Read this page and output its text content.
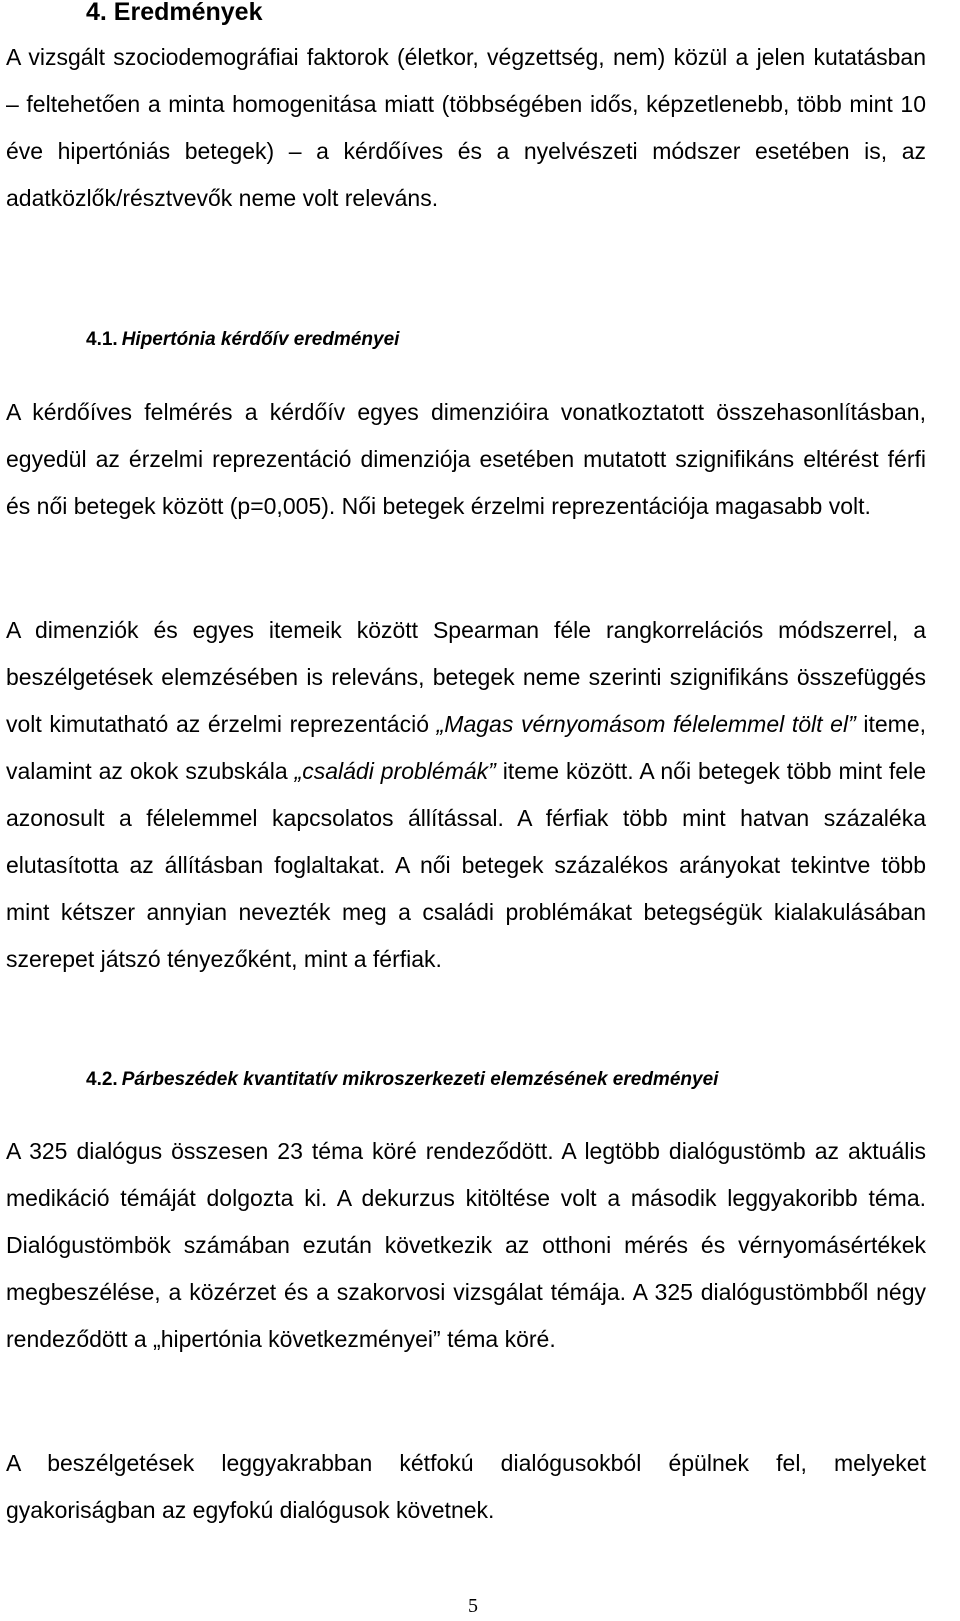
4. Eredmények

A vizsgált szociodemográfiai faktorok (életkor, végzettség, nem) közül a jelen kutatásban – feltehetően a minta homogenitása miatt (többségében idős, képzetlenebb, több mint 10 éve hipertóniás betegek) – a kérdőíves és a nyelvészeti módszer esetében is, az adatközlők/résztvevők neme volt releváns.

4.1. Hipertónia kérdőív eredményei

A kérdőíves felmérés a kérdőív egyes dimenzióira vonatkoztatott összehasonlításban, egyedül az érzelmi reprezentáció dimenziója esetében mutatott szignifikáns eltérést férfi és női betegek között (p=0,005). Női betegek érzelmi reprezentációja magasabb volt.

A dimenziók és egyes itemeik között Spearman féle rangkorrelációs módszerrel, a beszélgetések elemzésében is releváns, betegek neme szerinti szignifikáns összefüggés volt kimutatható az érzelmi reprezentáció „Magas vérnyomásom félelemmel tölt el” iteme, valamint az okok szubskála „családi problémák” iteme között. A női betegek több mint fele azonosult a félelemmel kapcsolatos állítással. A férfiak több mint hatvan százaléka elutasította az állításban foglaltakat. A női betegek százalékos arányokat tekintve több mint kétszer annyian nevezték meg a családi problémákat betegségük kialakulásában szerepet játszó tényezőként, mint a férfiak.

4.2. Párbeszédek kvantitatív mikroszerkezeti elemzésének eredményei

A 325 dialógus összesen 23 téma köré rendeződött. A legtöbb dialógustömb az aktuális medikáció témáját dolgozta ki. A dekurzus kitöltése volt a második leggyakoribb téma. Dialógustömbök számában ezután következik az otthoni mérés és vérnyomásértékek megbeszélése, a közérzet és a szakorvosi vizsgálat témája. A 325 dialógustömbből négy rendeződött a „hipertónia következményei” téma köré.

A beszélgetések leggyakrabban kétfokú dialógusokból épülnek fel, melyeket gyakoriságban az egyfokú dialógusok követnek.

5
